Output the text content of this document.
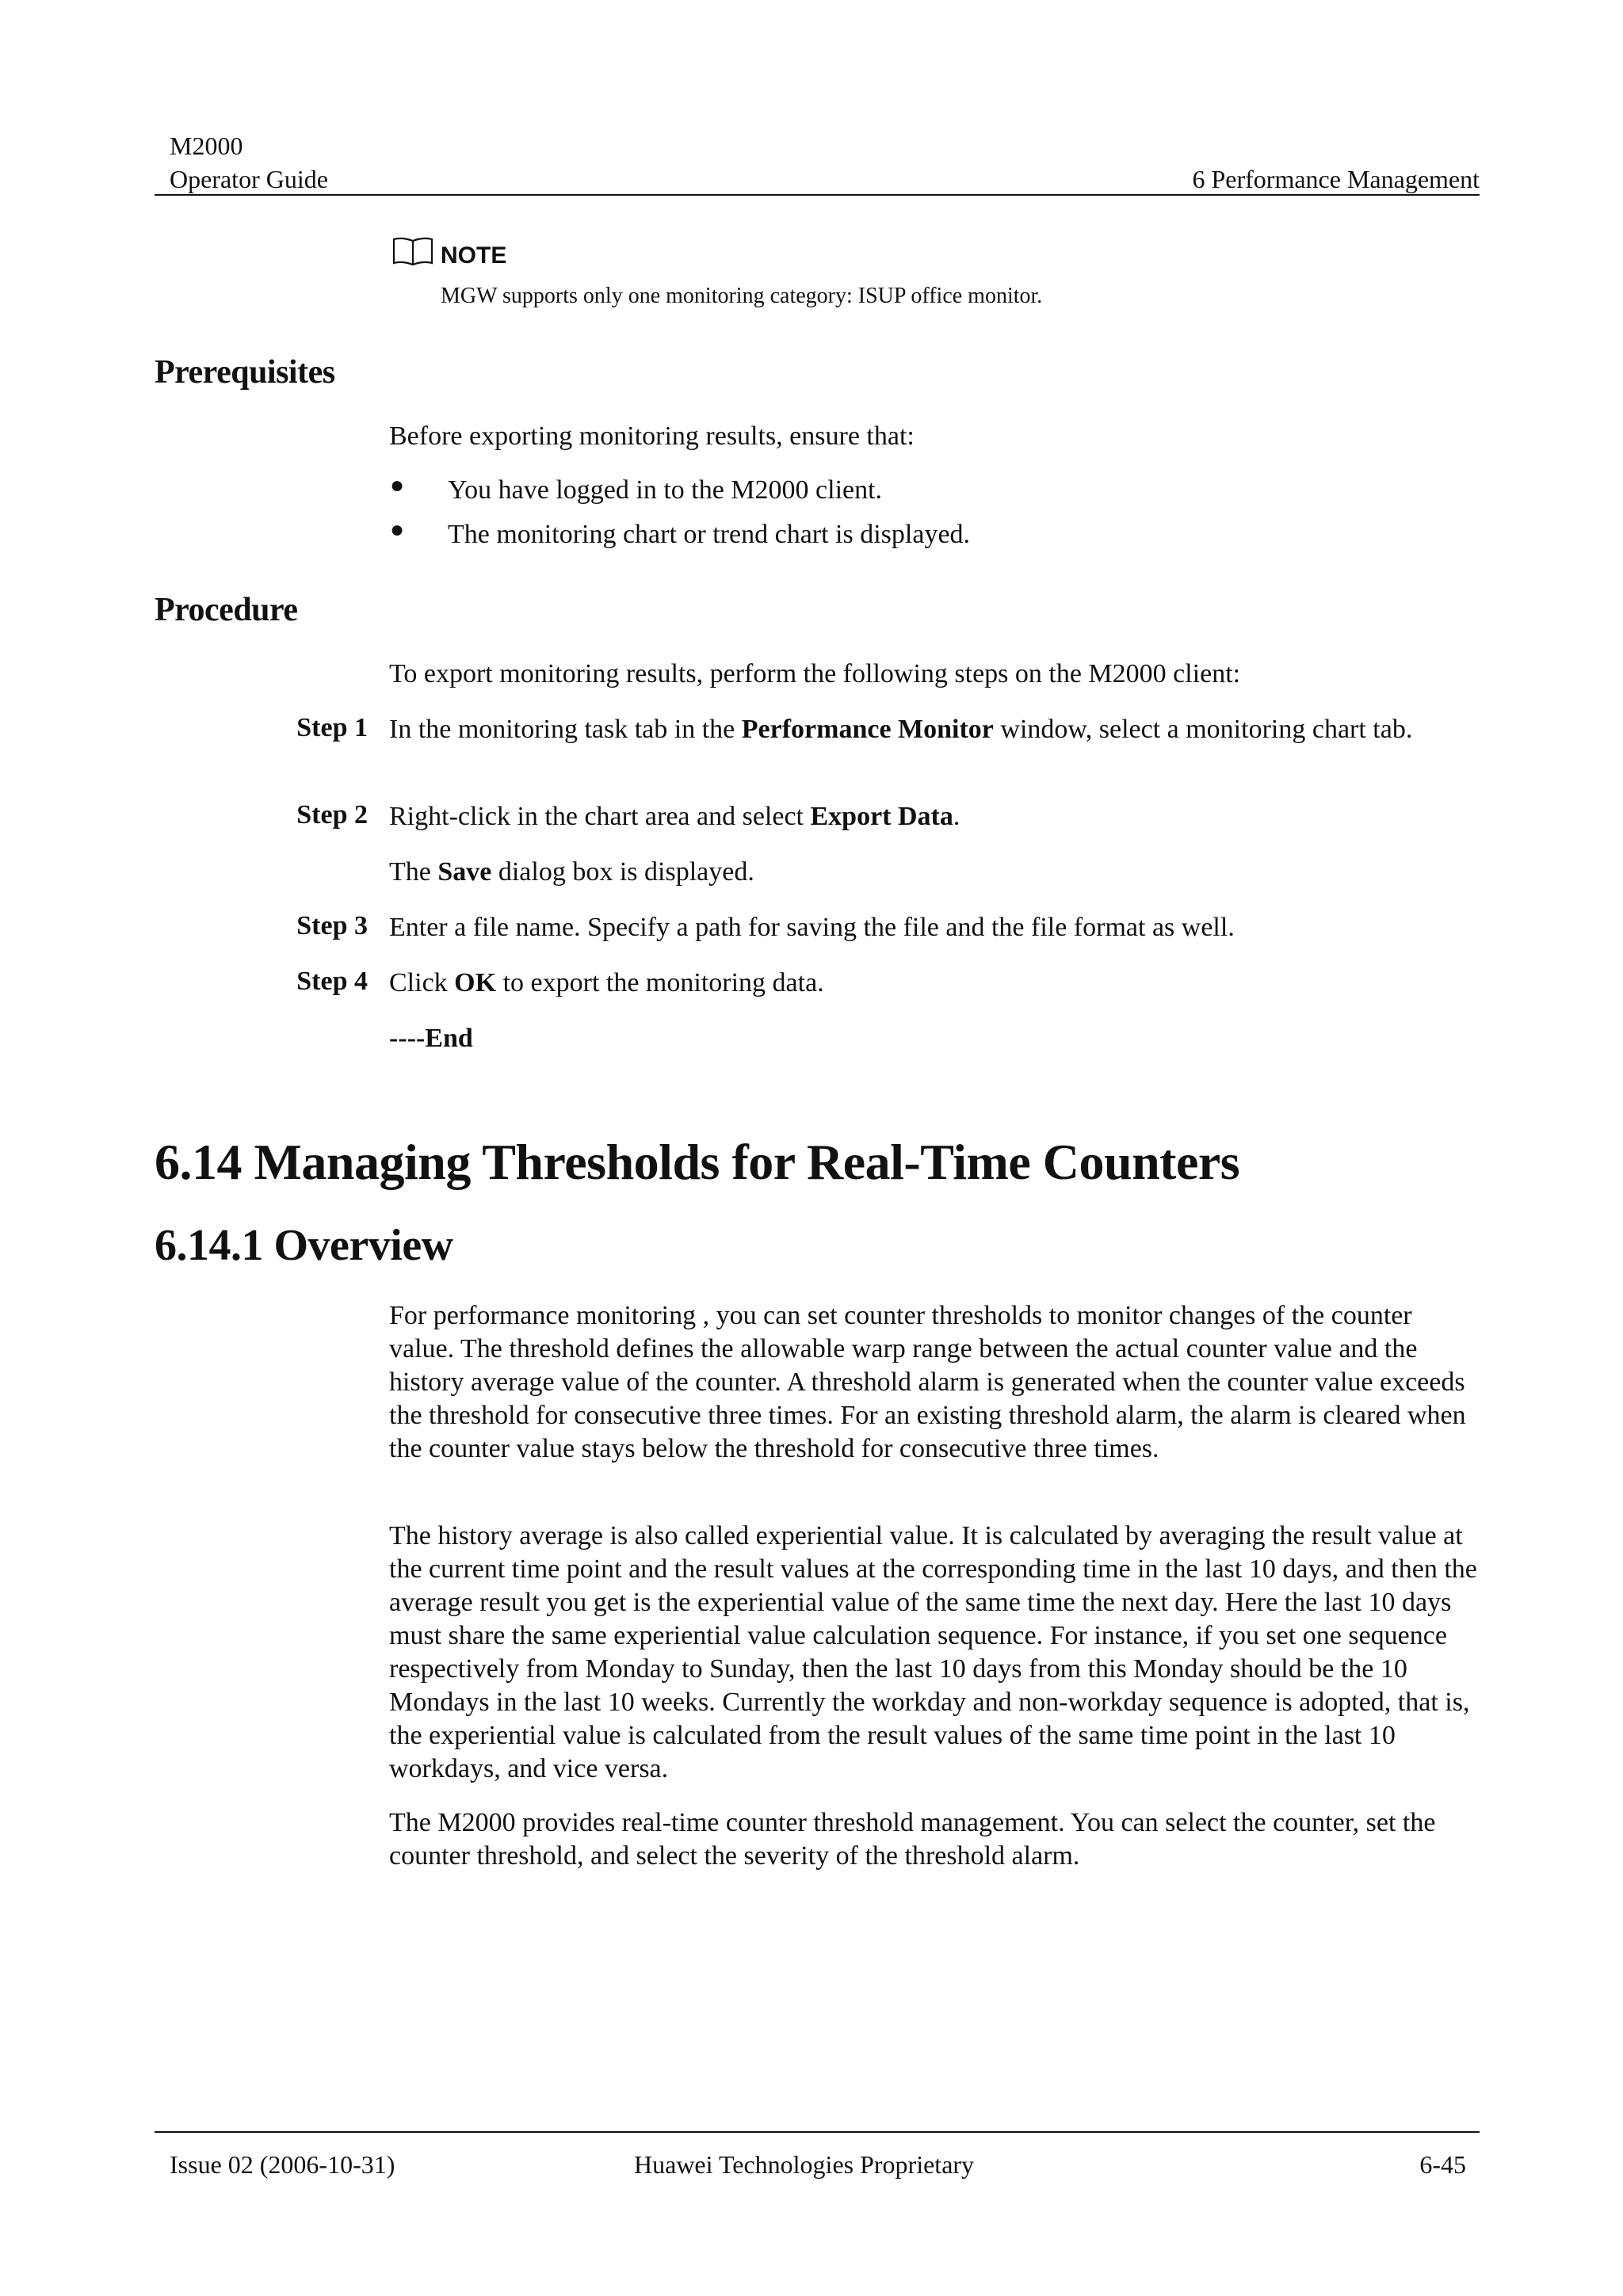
M2000
Operator Guide	6 Performance Management
NOTE
MGW supports only one monitoring category: ISUP office monitor.
Prerequisites
Before exporting monitoring results, ensure that:
● You have logged in to the M2000 client.
● The monitoring chart or trend chart is displayed.
Procedure
To export monitoring results, perform the following steps on the M2000 client:
Step 1 In the monitoring task tab in the Performance Monitor window, select a monitoring chart tab.
Step 2 Right-click in the chart area and select Export Data.
The Save dialog box is displayed.
Step 3 Enter a file name. Specify a path for saving the file and the file format as well.
Step 4 Click OK to export the monitoring data.
----End
6.14 Managing Thresholds for Real-Time Counters
6.14.1 Overview

For performance monitoring , you can set counter thresholds to monitor changes of the counter value. The threshold defines the allowable warp range between the actual counter value and the history average value of the counter. A threshold alarm is generated when the counter value exceeds the threshold for consecutive three times. For an existing threshold alarm, the alarm is cleared when the counter value stays below the threshold for consecutive three times.

The history average is also called experiential value. It is calculated by averaging the result value at the current time point and the result values at the corresponding time in the last 10 days, and then the average result you get is the experiential value of the same time the next day. Here the last 10 days must share the same experiential value calculation sequence. For instance, if you set one sequence respectively from Monday to Sunday, then the last 10 days from this Monday should be the 10 Mondays in the last 10 weeks. Currently the workday and non-workday sequence is adopted, that is, the experiential value is calculated from the result values of the same time point in the last 10 workdays, and vice versa.

The M2000 provides real-time counter threshold management. You can select the counter, set the counter threshold, and select the severity of the threshold alarm.

Issue 02 (2006-10-31)	Huawei Technologies Proprietary	6-45
